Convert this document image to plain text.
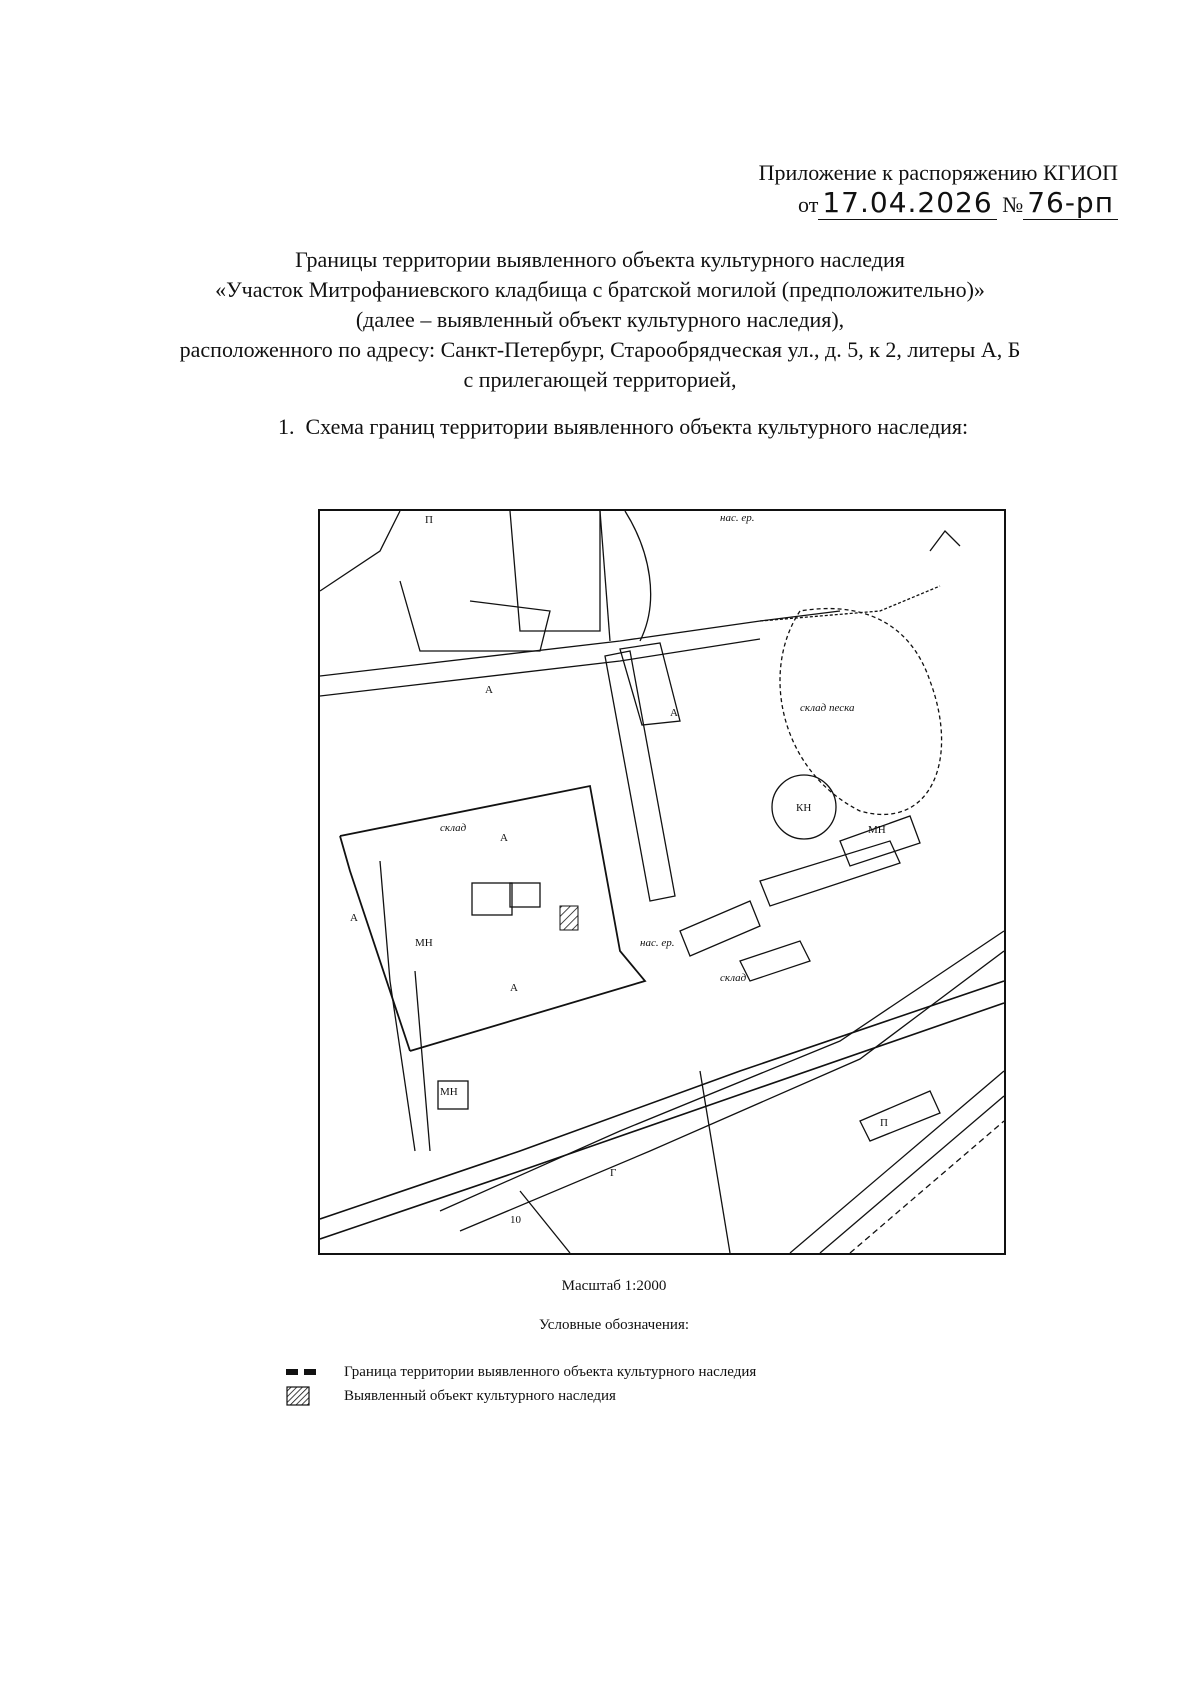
Приложение к распоряжению КГИОП

от 17.04.2026 № 76-рп
Границы территории выявленного объекта культурного наследия
«Участок Митрофаниевского кладбища с братской могилой (предположительно)»
(далее – выявленный объект культурного наследия),
расположенного по адресу: Санкт-Петербург, Старообрядческая ул., д. 5, к 2, литеры А, Б
с прилегающей территорией,
1. Схема границ территории выявленного объекта культурного наследия:
склад песка
КН
А
А
А
А
А
П
П
Г
МН
МН
МН	нас. ер.
нас. ер.
склад
склад
10
Масштаб 1:2000
Условные обозначения:
Граница территории выявленного объекта культурного наследия
Выявленный объект культурного наследия
